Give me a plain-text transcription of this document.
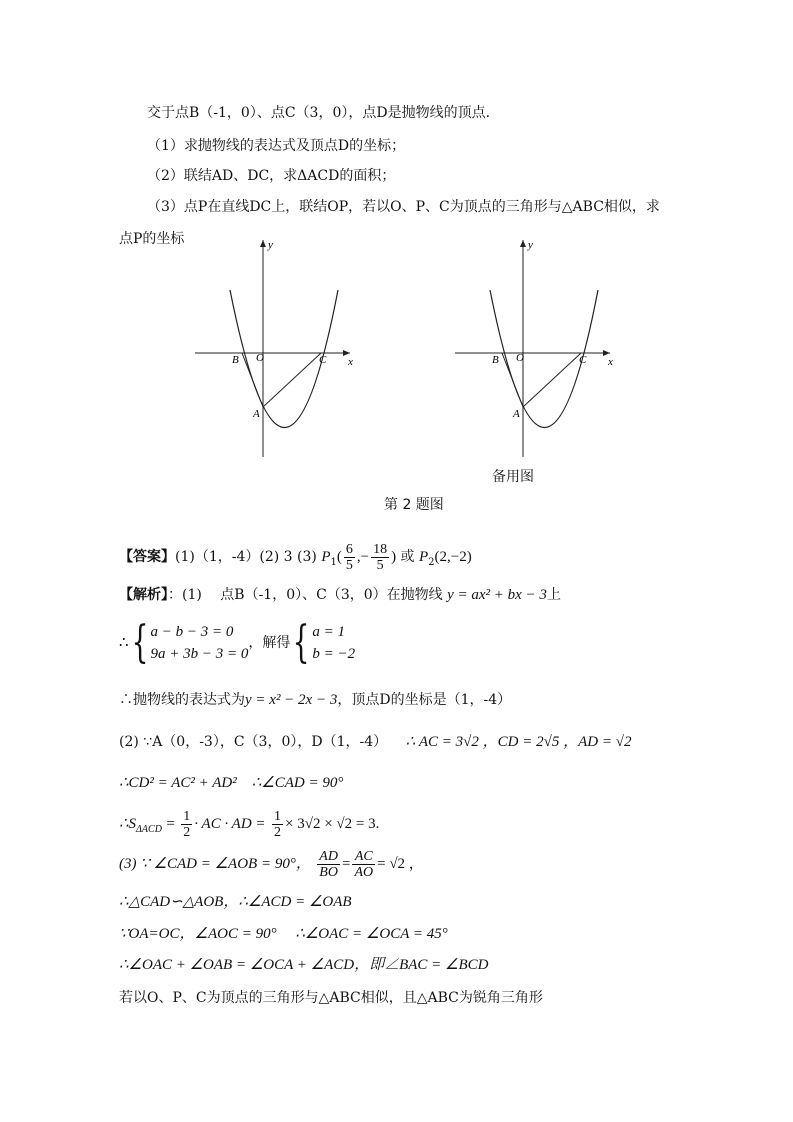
交于点B（-1，0）、点C（3，0），点D是抛物线的顶点.
（1）求抛物线的表达式及顶点D的坐标；
（2）联结AD、DC，求ΔACD的面积；
（3）点P在直线DC上，联结OP，若以O、P、C为顶点的三角形与△ABC相似，求
点P的坐标	y
x
O
B	C
A
y
x
O
B	C
A
备用图
第 2 题图
【答案】(1)（1，-4）(2) 3 (3) $P_1( \frac{6}{5}$ ,− $\frac{18}{5}$ ) 或 $P_2(2,-2)$
【解析】：(1)　 点B（-1，0）、C（3，0）在抛物线 y = ax² + bx − 3上
∴{ a − b − 3 = 0
9a + 3b − 3 = 0
，解得{ a = 1
b = −2
∴抛物线的表达式为y = x² − 2x − 3，顶点D的坐标是（1，-4）
(2) ∵A（0，-3），C（3，0），D（1，-4） ∴ AC = 3√2 ，CD = 2√5 ，AD = √2
∴CD² = AC² + AD²　∴∠CAD = 90°
$\therefore S_{\Delta ACD} = \frac{1}{2}$ · AC · AD = $\frac{1}{2} \times 3√2 \times √2 = 3$.
(3) ∵ ∠CAD = ∠AOB = 90°， $\frac{AD}{BO} = \frac{AC}{AO} = √2$ ，
∴△CAD∽△AOB，∴∠ACD = ∠OAB
∵OA=OC，∠AOC = 90°　 ∴∠OAC = ∠OCA = 45°
∴∠OAC + ∠OAB = ∠OCA + ∠ACD，即∠BAC = ∠BCD
若以O、P、C为顶点的三角形与△ABC相似，且△ABC为锐角三角形
